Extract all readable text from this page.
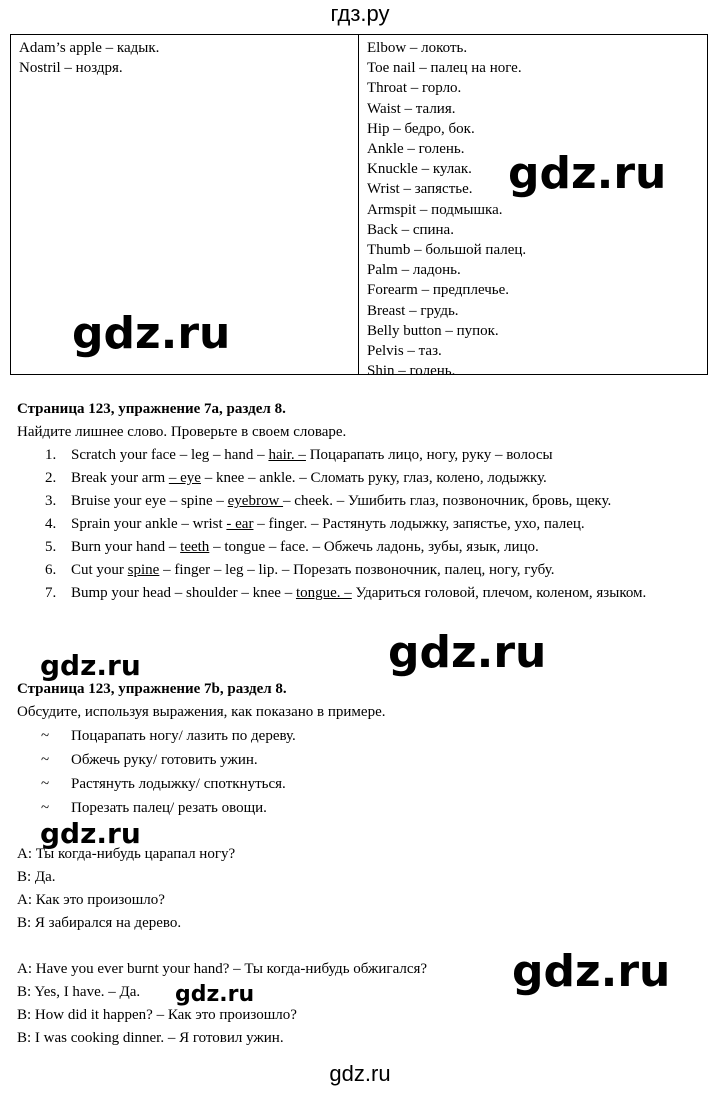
гдз.ру
Adam’s apple – кадык.
Nostril – ноздря.
Elbow – локоть.
Toe nail – палец на ноге.
Throat – горло.
Waist – талия.
Hip – бедро, бок.
Ankle – голень.
Knuckle – кулак.
Wrist – запястье.
Armspit – подмышка.
Back – спина.
Thumb – большой палец.
Palm – ладонь.
Forearm – предплечье.
Breast – грудь.
Belly button – пупок.
Pelvis – таз.
Shin – голень.
Страница 123, упражнение 7a, раздел 8.
Найдите лишнее слово. Проверьте в своем словаре.
1. Scratch your face – leg – hand – hair. – Поцарапать лицо, ногу, руку – волосы
2. Break your arm – eye – knee – ankle. – Сломать руку, глаз, колено, лодыжку.
3. Bruise your eye – spine – eyebrow – cheek. – Ушибить глаз, позвоночник, бровь, щеку.
4. Sprain your ankle – wrist - ear – finger. – Растянуть лодыжку, запястье, ухо, палец.
5. Burn your hand – teeth – tongue – face. – Обжечь ладонь, зубы, язык, лицо.
6. Cut your spine – finger – leg – lip. – Порезать позвоночник, палец, ногу, губу.
7. Bump your head – shoulder – knee – tongue. – Удариться головой, плечом, коленом, языком.
Страница 123, упражнение 7b, раздел 8.
Обсудите, используя выражения, как показано в примере.
~ Поцарапать ногу/ лазить по дереву.
~ Обжечь руку/ готовить ужин.
~ Растянуть лодыжку/ споткнуться.
~ Порезать палец/ резать овощи.
A: Ты когда-нибудь царапал ногу?
B: Да.
A: Как это произошло?
B: Я забирался на дерево.
A: Have you ever burnt your hand? – Ты когда-нибудь обжигался?
B: Yes, I have. – Да.
B: How did it happen? – Как это произошло?
B: I was cooking dinner. – Я готовил ужин.
gdz.ru
gdz.ru
gdz.ru
gdz.ru
gdz.ru
gdz.ru
gdz.ru
gdz.ru
